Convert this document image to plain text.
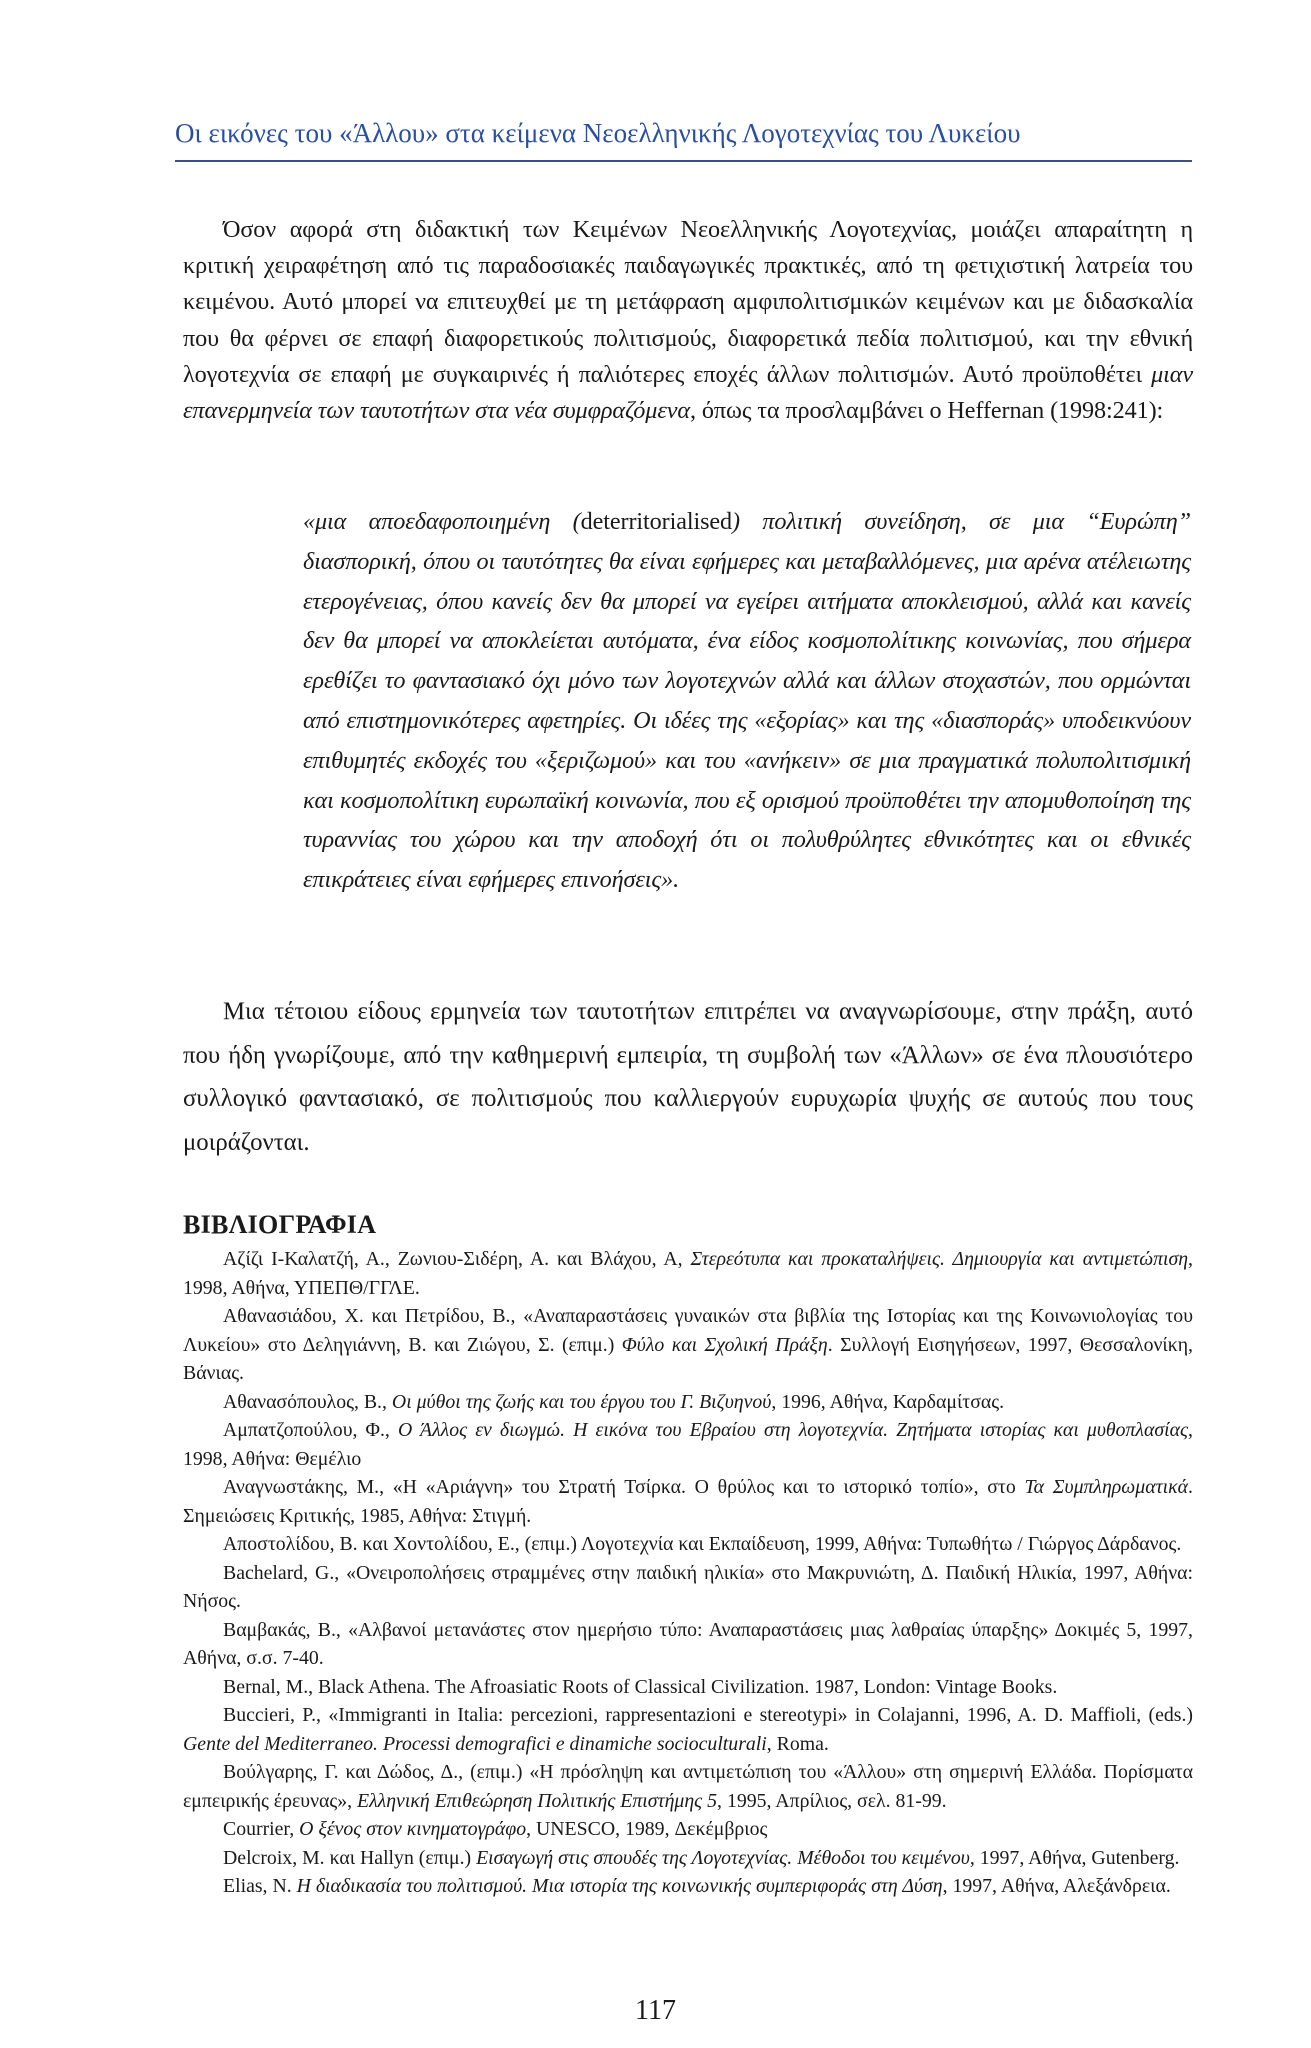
Οι εικόνες του «Άλλου» στα κείμενα Νεοελληνικής Λογοτεχνίας του Λυκείου

Όσον αφορά στη διδακτική των Κειμένων Νεοελληνικής Λογοτεχνίας, μοιάζει απαραίτητη η κριτική χειραφέτηση από τις παραδοσιακές παιδαγωγικές πρακτικές, από τη φετιχιστική λατρεία του κειμένου. Αυτό μπορεί να επιτευχθεί με τη μετάφραση αμφιπολιτισμικών κειμένων και με διδασκαλία που θα φέρνει σε επαφή διαφορετικούς πολιτισμούς, διαφορετικά πεδία πολιτισμού, και την εθνική λογοτεχνία σε επαφή με συγκαιρινές ή παλιότερες εποχές άλλων πολιτισμών. Αυτό προϋποθέτει μιαν επανερμηνεία των ταυτοτήτων στα νέα συμφραζόμενα, όπως τα προσλαμβάνει ο Heffernan (1998:241):

«μια αποεδαφοποιημένη (deterritorialised) πολιτική συνείδηση, σε μια “Ευρώπη” διασπορική, όπου οι ταυτότητες θα είναι εφήμερες και μεταβαλλόμενες, μια αρένα ατέλειωτης ετερογένειας, όπου κανείς δεν θα μπορεί να εγείρει αιτήματα αποκλεισμού, αλλά και κανείς δεν θα μπορεί να αποκλείεται αυτόματα, ένα είδος κοσμοπολίτικης κοινωνίας, που σήμερα ερεθίζει το φαντασιακό όχι μόνο των λογοτεχνών αλλά και άλλων στοχαστών, που ορμώνται από επιστημονικότερες αφετηρίες. Οι ιδέες της «εξορίας» και της «διασποράς» υποδεικνύουν επιθυμητές εκδοχές του «ξεριζωμού» και του «ανήκειν» σε μια πραγματικά πολυπολιτισμική και κοσμοπολίτικη ευρωπαϊκή κοινωνία, που εξ ορισμού προϋποθέτει την απομυθοποίηση της τυραννίας του χώρου και την αποδοχή ότι οι πολυθρύλητες εθνικότητες και οι εθνικές επικράτειες είναι εφήμερες επινοήσεις».

Μια τέτοιου είδους ερμηνεία των ταυτοτήτων επιτρέπει να αναγνωρίσουμε, στην πράξη, αυτό που ήδη γνωρίζουμε, από την καθημερινή εμπειρία, τη συμβολή των «Άλλων» σε ένα πλουσιότερο συλλογικό φαντασιακό, σε πολιτισμούς που καλλιεργούν ευρυχωρία ψυχής σε αυτούς που τους μοιράζονται.

ΒΙΒΛΙΟΓΡΑΦΙΑ

Αζίζι Ι-Καλατζή, Α., Ζωνιου-Σιδέρη, Α. και Βλάχου, Α, Στερεότυπα και προκαταλήψεις. Δημιουργία και αντιμετώπιση, 1998, Αθήνα, ΥΠΕΠΘ/ΓΓΛΕ.

Αθανασιάδου, Χ. και Πετρίδου, Β., «Αναπαραστάσεις γυναικών στα βιβλία της Ιστορίας και της Κοινωνιολογίας του Λυκείου» στο Δεληγιάννη, Β. και Ζιώγου, Σ. (επιμ.) Φύλο και Σχολική Πράξη. Συλλογή Εισηγήσεων, 1997, Θεσσαλονίκη, Βάνιας.

Αθανασόπουλος, Β., Οι μύθοι της ζωής και του έργου του Γ. Βιζυηνού, 1996, Αθήνα, Καρδαμίτσας.

Αμπατζοπούλου, Φ., Ο Άλλος εν διωγμώ. Η εικόνα του Εβραίου στη λογοτεχνία. Ζητήματα ιστορίας και μυθοπλασίας, 1998, Αθήνα: Θεμέλιο

Αναγνωστάκης, Μ., «Η «Αριάγνη» του Στρατή Τσίρκα. Ο θρύλος και το ιστορικό τοπίο», στο Τα Συμπληρωματικά. Σημειώσεις Κριτικής, 1985, Αθήνα: Στιγμή.

Αποστολίδου, Β. και Χοντολίδου, Ε., (επιμ.) Λογοτεχνία και Εκπαίδευση, 1999, Αθήνα: Τυπωθήτω / Γιώργος Δάρδανος.

Bachelard, G., «Ονειροπολήσεις στραμμένες στην παιδική ηλικία» στο Μακρυνιώτη, Δ. Παιδική Ηλικία, 1997, Αθήνα: Νήσος.

Βαμβακάς, Β., «Αλβανοί μετανάστες στον ημερήσιο τύπο: Αναπαραστάσεις μιας λαθραίας ύπαρξης» Δοκιμές 5, 1997, Αθήνα, σ.σ. 7-40.

Bernal, M., Black Athena. The Afroasiatic Roots of Classical Civilization. 1987, London: Vintage Books.

Buccieri, P., «Immigranti in Italia: percezioni, rappresentazioni e stereotypi» in Colajanni, 1996, A. D. Maffioli, (eds.) Gente del Mediterraneo. Processi demografici e dinamiche socioculturali, Roma.

Βούλγαρης, Γ. και Δώδος, Δ., (επιμ.) «Η πρόσληψη και αντιμετώπιση του «Άλλου» στη σημερινή Ελλάδα. Πορίσματα εμπειρικής έρευνας», Ελληνική Επιθεώρηση Πολιτικής Επιστήμης 5, 1995, Απρίλιος, σελ. 81-99.

Courrier, O ξένος στον κινηματογράφο, UNESCO, 1989, Δεκέμβριος

Delcroix, Μ. και Hallyn (επιμ.) Εισαγωγή στις σπουδές της Λογοτεχνίας. Μέθοδοι του κειμένου, 1997, Αθήνα, Gutenberg.

Elias, N. Η διαδικασία του πολιτισμού. Μια ιστορία της κοινωνικής συμπεριφοράς στη Δύση, 1997, Αθήνα, Αλεξάνδρεια.

117
